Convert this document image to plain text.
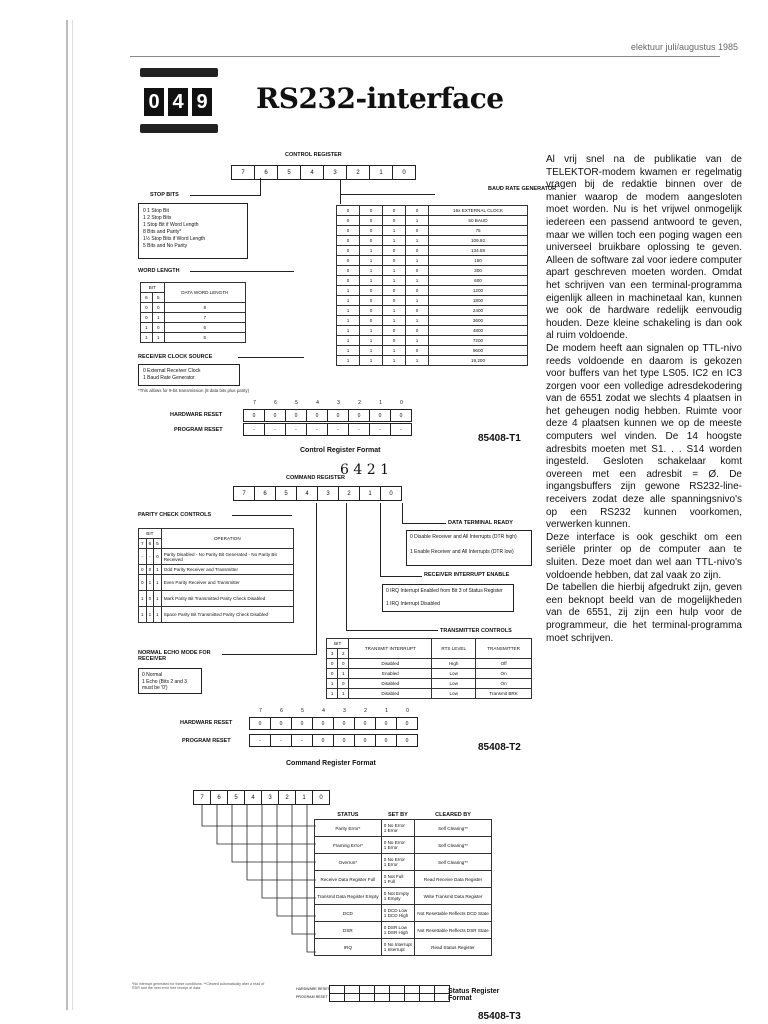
elektuur juli/augustus 1985
0 4 9 RS232-interface

Al vrij snel na de publikatie van de TELEKTOR-modem kwamen er regelmatig vragen bij de redaktie binnen over de manier waarop de modem aangesloten moet worden. Nu is het vrijwel onmogelijk iedereen een passend antwoord te geven, maar we willen toch een poging wagen een universeel bruikbare oplossing te geven. Alleen de software zal voor iedere computer apart geschreven moeten worden. Omdat het schrijven van een terminal-programma eigenlijk alleen in machinetaal kan, kunnen we ook de hardware redelijk eenvoudig houden. Deze kleine schakeling is dan ook al ruim voldoende.

De modem heeft aan signalen op TTL-nivo reeds voldoende en daarom is gekozen voor buffers van het type LS05. IC2 en IC3 zorgen voor een volledige adresdekodering van de 6551 zodat we slechts 4 plaatsen in het geheugen nodig hebben. Ruimte voor deze 4 plaatsen kunnen we op de meeste computers wel vinden. De 14 hoogste adresbits moeten met S1. . . S14 worden ingesteld. Gesloten schakelaar komt overeen met een adresbit = Ø. De ingangsbuffers zijn gewone RS232-line-receivers zodat deze alle spanningsnivo's op een RS232 kunnen voorkomen, verwerken kunnen.

Deze interface is ook geschikt om een seriële printer op de computer aan te sluiten. Deze moet dan wel aan TTL-nivo's voldoende hebben, dat zal vaak zo zijn.

De tabellen die hierbij afgedrukt zijn, geven een beknopt beeld van de mogelijkheden van de 6551, zij zijn een hulp voor de programmeur, die het terminal-programma moet schrijven.

CONTROL REGISTER
7	6	5	4	3	2	1	0
STOP BITS
0 1 Stop Bit
1 2 Stop Bits
1 Stop Bit if Word Length
8 Bits and Parity*
1½ Stop Bits if Word Length
5 Bits and No Parity
WORD LENGTH
BIT		DATA WORD LENGTH
6	5	
0	0	8
0	1	7
1	0	6
1	1	5
RECEIVER CLOCK SOURCE
0 External Receiver Clock
1 Baud Rate Generator
*This allows for 9-bit transmission (8 data bits plus parity)
BAUD RATE GENERATOR
0	0	0	0	16x EXTERNAL CLOCK
0	0	0	1	50 BAUD
0	0	1	0	75
0	0	1	1	109.92
0	1	0	0	134.58
0	1	0	1	150
0	1	1	0	300
0	1	1	1	600
1	0	0	0	1200
1	0	0	1	1800
1	0	1	0	2400
1	0	1	1	3600
1	1	0	0	4800
1	1	0	1	7200
1	1	1	0	9600
1	1	1	1	19,200
7	6	5	4	3	2	1	0
HARDWARE RESET	0	0	0	0	0	0	0	0
PROGRAM RESET	-	-	-	-	-	-	-	-
Control Register Format
85408-T1
COMMAND REGISTER
6 4 2 1
7	6	5	4	3	2	1	0
PARITY CHECK CONTROLS
BIT			OPERATION
7	6	5	
-	-	0	Parity Disabled - No Parity Bit Generated - No Parity Bit Received
0	0	1	Odd Parity Receiver and Transmitter
0	1	1	Even Parity Receiver and Transmitter
1	0	1	Mark Parity Bit Transmitted Parity Check Disabled
1	1	1	Space Parity Bit Transmitted Parity Check Disabled
NORMAL ECHO MODE FOR RECEIVER
0 Normal
1 Echo (Bits 2 and 3 must be '0')
DATA TERMINAL READY
0 Disable Receiver and All Interrupts (DTR high)
1 Enable Receiver and All Interrupts (DTR low)
RECEIVER INTERRUPT ENABLE
0 IRQ Interrupt Enabled from Bit 3 of Status Register
1 IRQ Interrupt Disabled
TRANSMITTER CONTROLS
BIT		TRANSMIT INTERRUPT	RTS LEVEL	TRANSMITTER
3	2			
0	0	Disabled	High	Off
0	1	Enabled	Low	On
1	0	Disabled	Low	On
1	1	Disabled	Low	Transmit BRK
7	6	5	4	3	2	1	0
HARDWARE RESET	0	0	0	0	0	0	0	0
PROGRAM RESET	-	-	-	0	0	0	0	0
Command Register Format
85408-T2
7	6	5	4	3	2	1	0
STATUS	SET BY	CLEARED BY
Parity Error*	0 No Error
1 Error	Self Clearing**
Framing Error*	0 No Error
1 Error	Self Clearing**
Overrun*	0 No Error
1 Error	Self Clearing**
Receive Data Register Full	0 Not Full
1 Full	Read Receive Data Register
Transmit Data Register Empty	0 Not Empty
1 Empty	Write Transmit Data Register
DCD	0 DCD Low
1 DCD High	Not Resettable Reflects DCD State
DSR	0 DSR Low
1 DSR High	Not Resettable Reflects DSR State
IRQ	0 No Interrupt
1 Interrupt	Read Status Register
*No interrupt generated for these conditions. **Cleared automatically after a read of RDR and the next error free receipt of data.	HARDWARE RESET
PROGRAM RESET
Status Register Format
85408-T3
